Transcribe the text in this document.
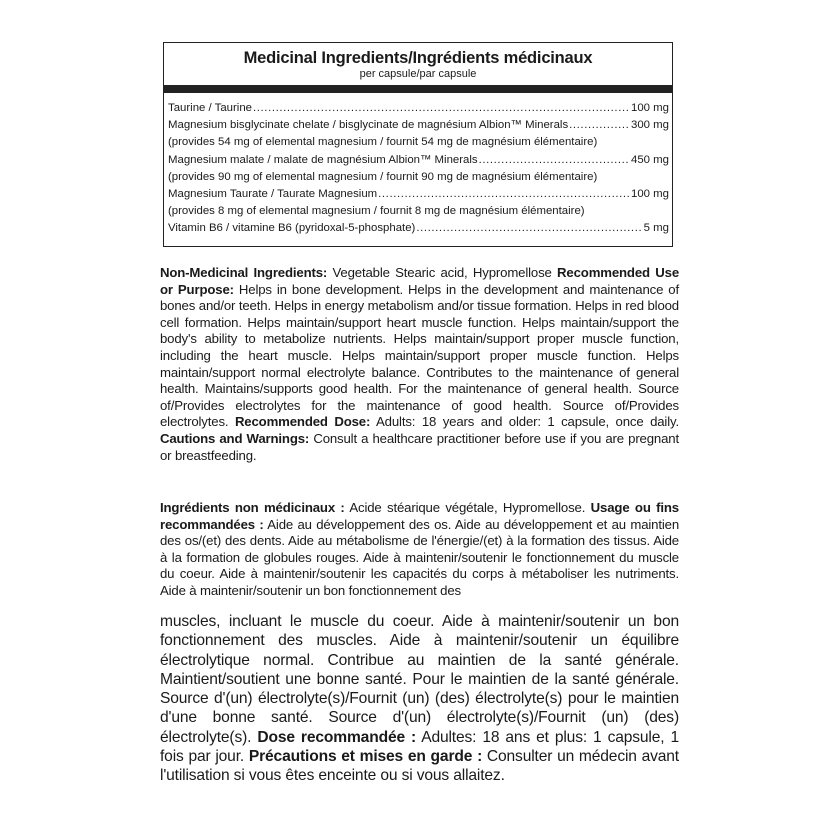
Medicinal Ingredients/Ingrédients médicinaux
per capsule/par capsule
Taurine / Taurine .....	100 mg
Magnesium bisglycinate chelate / bisglycinate de magnésium Albion™ Minerals .....	300 mg
(provides 54 mg of elemental magnesium / fournit 54 mg de magnésium élémentaire)
Magnesium malate / malate de magnésium Albion™ Minerals .....	450 mg
(provides 90 mg of elemental magnesium / fournit 90 mg de magnésium élémentaire)
Magnesium Taurate / Taurate Magnesium .....	100 mg
(provides 8 mg of elemental magnesium / fournit 8 mg de magnésium élémentaire)
Vitamin B6 / vitamine B6 (pyridoxal-5-phosphate) .....	5 mg
Non-Medicinal Ingredients: Vegetable Stearic acid, Hypromellose Recommended Use or Purpose: Helps in bone development. Helps in the development and maintenance of bones and/or teeth. Helps in energy metabolism and/or tissue formation. Helps in red blood cell formation. Helps maintain/support heart muscle function. Helps maintain/support the body's ability to metabolize nutrients. Helps maintain/support proper muscle function, including the heart muscle. Helps maintain/support proper muscle function. Helps maintain/support normal electrolyte balance. Contributes to the maintenance of general health. Maintains/supports good health. For the maintenance of general health. Source of/Provides electrolytes for the maintenance of good health. Source of/Provides electrolytes. Recommended Dose: Adults: 18 years and older: 1 capsule, once daily. Cautions and Warnings: Consult a healthcare practitioner before use if you are pregnant or breastfeeding.
Ingrédients non médicinaux : Acide stéarique végétale, Hypromellose. Usage ou fins recommandées : Aide au développement des os. Aide au développement et au maintien des os/(et) des dents. Aide au métabolisme de l'énergie/(et) à la formation des tissus. Aide à la formation de globules rouges. Aide à maintenir/soutenir le fonctionnement du muscle du coeur. Aide à maintenir/soutenir les capacités du corps à métaboliser les nutriments. Aide à maintenir/soutenir un bon fonctionnement des
muscles, incluant le muscle du coeur. Aide à maintenir/soutenir un bon fonctionnement des muscles. Aide à maintenir/soutenir un équilibre électrolytique normal. Contribue au maintien de la santé générale. Maintient/soutient une bonne santé. Pour le maintien de la santé générale. Source d'(un) électrolyte(s)/Fournit (un) (des) électrolyte(s) pour le maintien d'une bonne santé. Source d'(un) électrolyte(s)/Fournit (un) (des) électrolyte(s). Dose recommandée : Adultes: 18 ans et plus: 1 capsule, 1 fois par jour. Précautions et mises en garde : Consulter un médecin avant l'utilisation si vous êtes enceinte ou si vous allaitez.
